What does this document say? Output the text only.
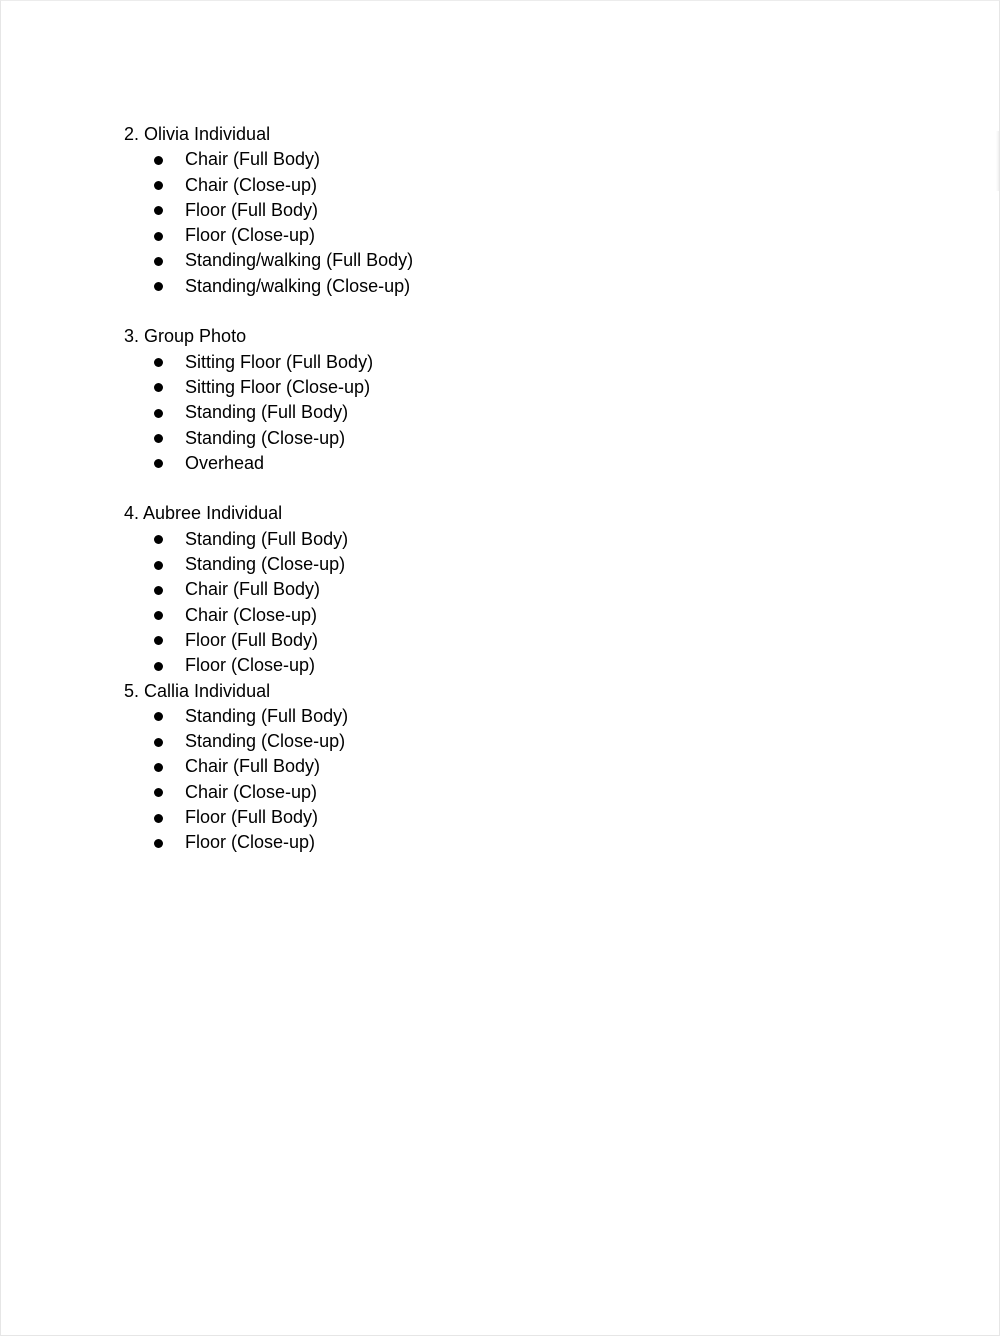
2. Olivia Individual
Chair (Full Body)
Chair (Close-up)
Floor (Full Body)
Floor (Close-up)
Standing/walking (Full Body)
Standing/walking (Close-up)
3. Group Photo
Sitting Floor (Full Body)
Sitting Floor (Close-up)
Standing (Full Body)
Standing (Close-up)
Overhead
4. Aubree Individual
Standing (Full Body)
Standing (Close-up)
Chair (Full Body)
Chair (Close-up)
Floor (Full Body)
Floor (Close-up)
5. Callia Individual
Standing (Full Body)
Standing (Close-up)
Chair (Full Body)
Chair (Close-up)
Floor (Full Body)
Floor (Close-up)
